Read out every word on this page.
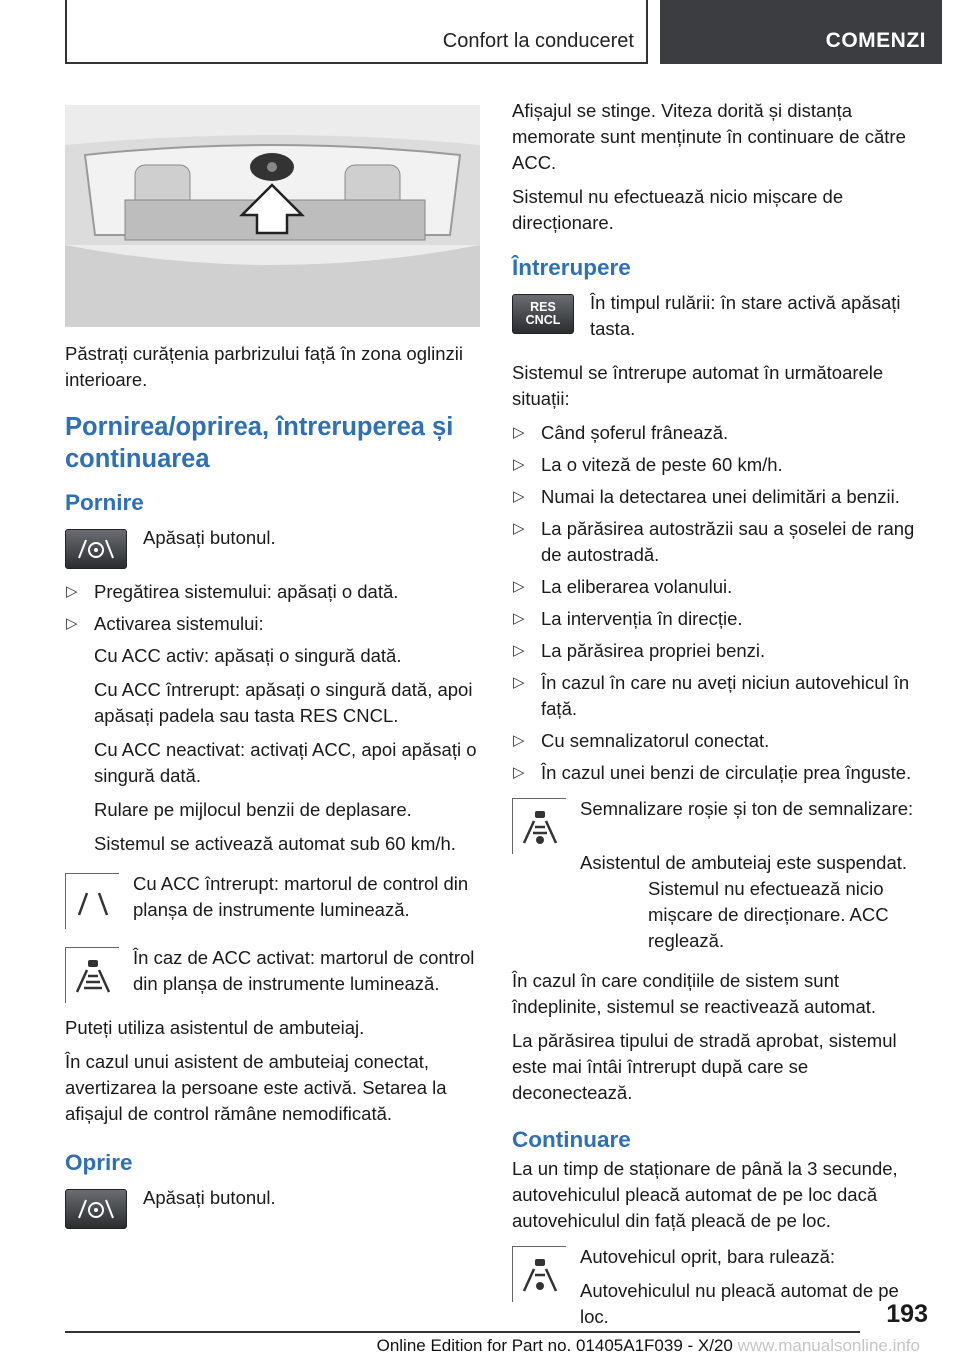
Confort la conduceret	COMENZI

Păstrați curățenia parbrizului față în zona oglinzii interioare.

Pornirea/oprirea, întreruperea și continuarea
Pornire

Apăsați butonul.

▷ Pregătirea sistemului: apăsați o dată.
▷ Activarea sistemului:

Cu ACC activ: apăsați o singură dată.

Cu ACC întrerupt: apăsați o singură dată, apoi apăsați padela sau tasta RES CNCL.

Cu ACC neactivat: activați ACC, apoi apăsați o singură dată.

Rulare pe mijlocul benzii de deplasare.

Sistemul se activează automat sub 60 km/h.

Cu ACC întrerupt: martorul de control din planșa de instrumente luminează.

În caz de ACC activat: martorul de control din planșa de instrumente luminează.

Puteți utiliza asistentul de ambuteiaj.

În cazul unui asistent de ambuteiaj conectat, avertizarea la persoane este activă. Setarea la afișajul de control rămâne nemodificată.

Oprire

Apăsați butonul.

Afișajul se stinge. Viteza dorită și distanța memorate sunt menținute în continuare de către ACC.

Sistemul nu efectuează nicio mișcare de direcționare.

Întrerupere
RES
CNCL

În timpul rulării: în stare activă apăsați tasta.

Sistemul se întrerupe automat în următoarele situații:

▷ Când șoferul frânează.
▷ La o viteză de peste 60 km/h.
▷ Numai la detectarea unei delimitări a benzii.
▷ La părăsirea autostrăzii sau a șoselei de rang de autostradă.
▷ La eliberarea volanului.
▷ La intervenția în direcție.
▷ La părăsirea propriei benzi.
▷ În cazul în care nu aveți niciun autovehicul în față.
▷ Cu semnalizatorul conectat.
▷ În cazul unei benzi de circulație prea înguste.

Semnalizare roșie și ton de semnalizare:

Asistentul de ambuteiaj este suspendat. Sistemul nu efectuează nicio mișcare de direcționare. ACC reglează.

În cazul în care condițiile de sistem sunt îndeplinite, sistemul se reactivează automat.

La părăsirea tipului de stradă aprobat, sistemul este mai întâi întrerupt după care se deconectează.

Continuare

La un timp de staționare de până la 3 secunde, autovehiculul pleacă automat de pe loc dacă autovehiculul din față pleacă de pe loc.

Autovehicul oprit, bara rulează:

Autovehiculul nu pleacă automat de pe loc.	193
Online Edition for Part no. 01405A1F039 - X/20 www.manualsonline.info
